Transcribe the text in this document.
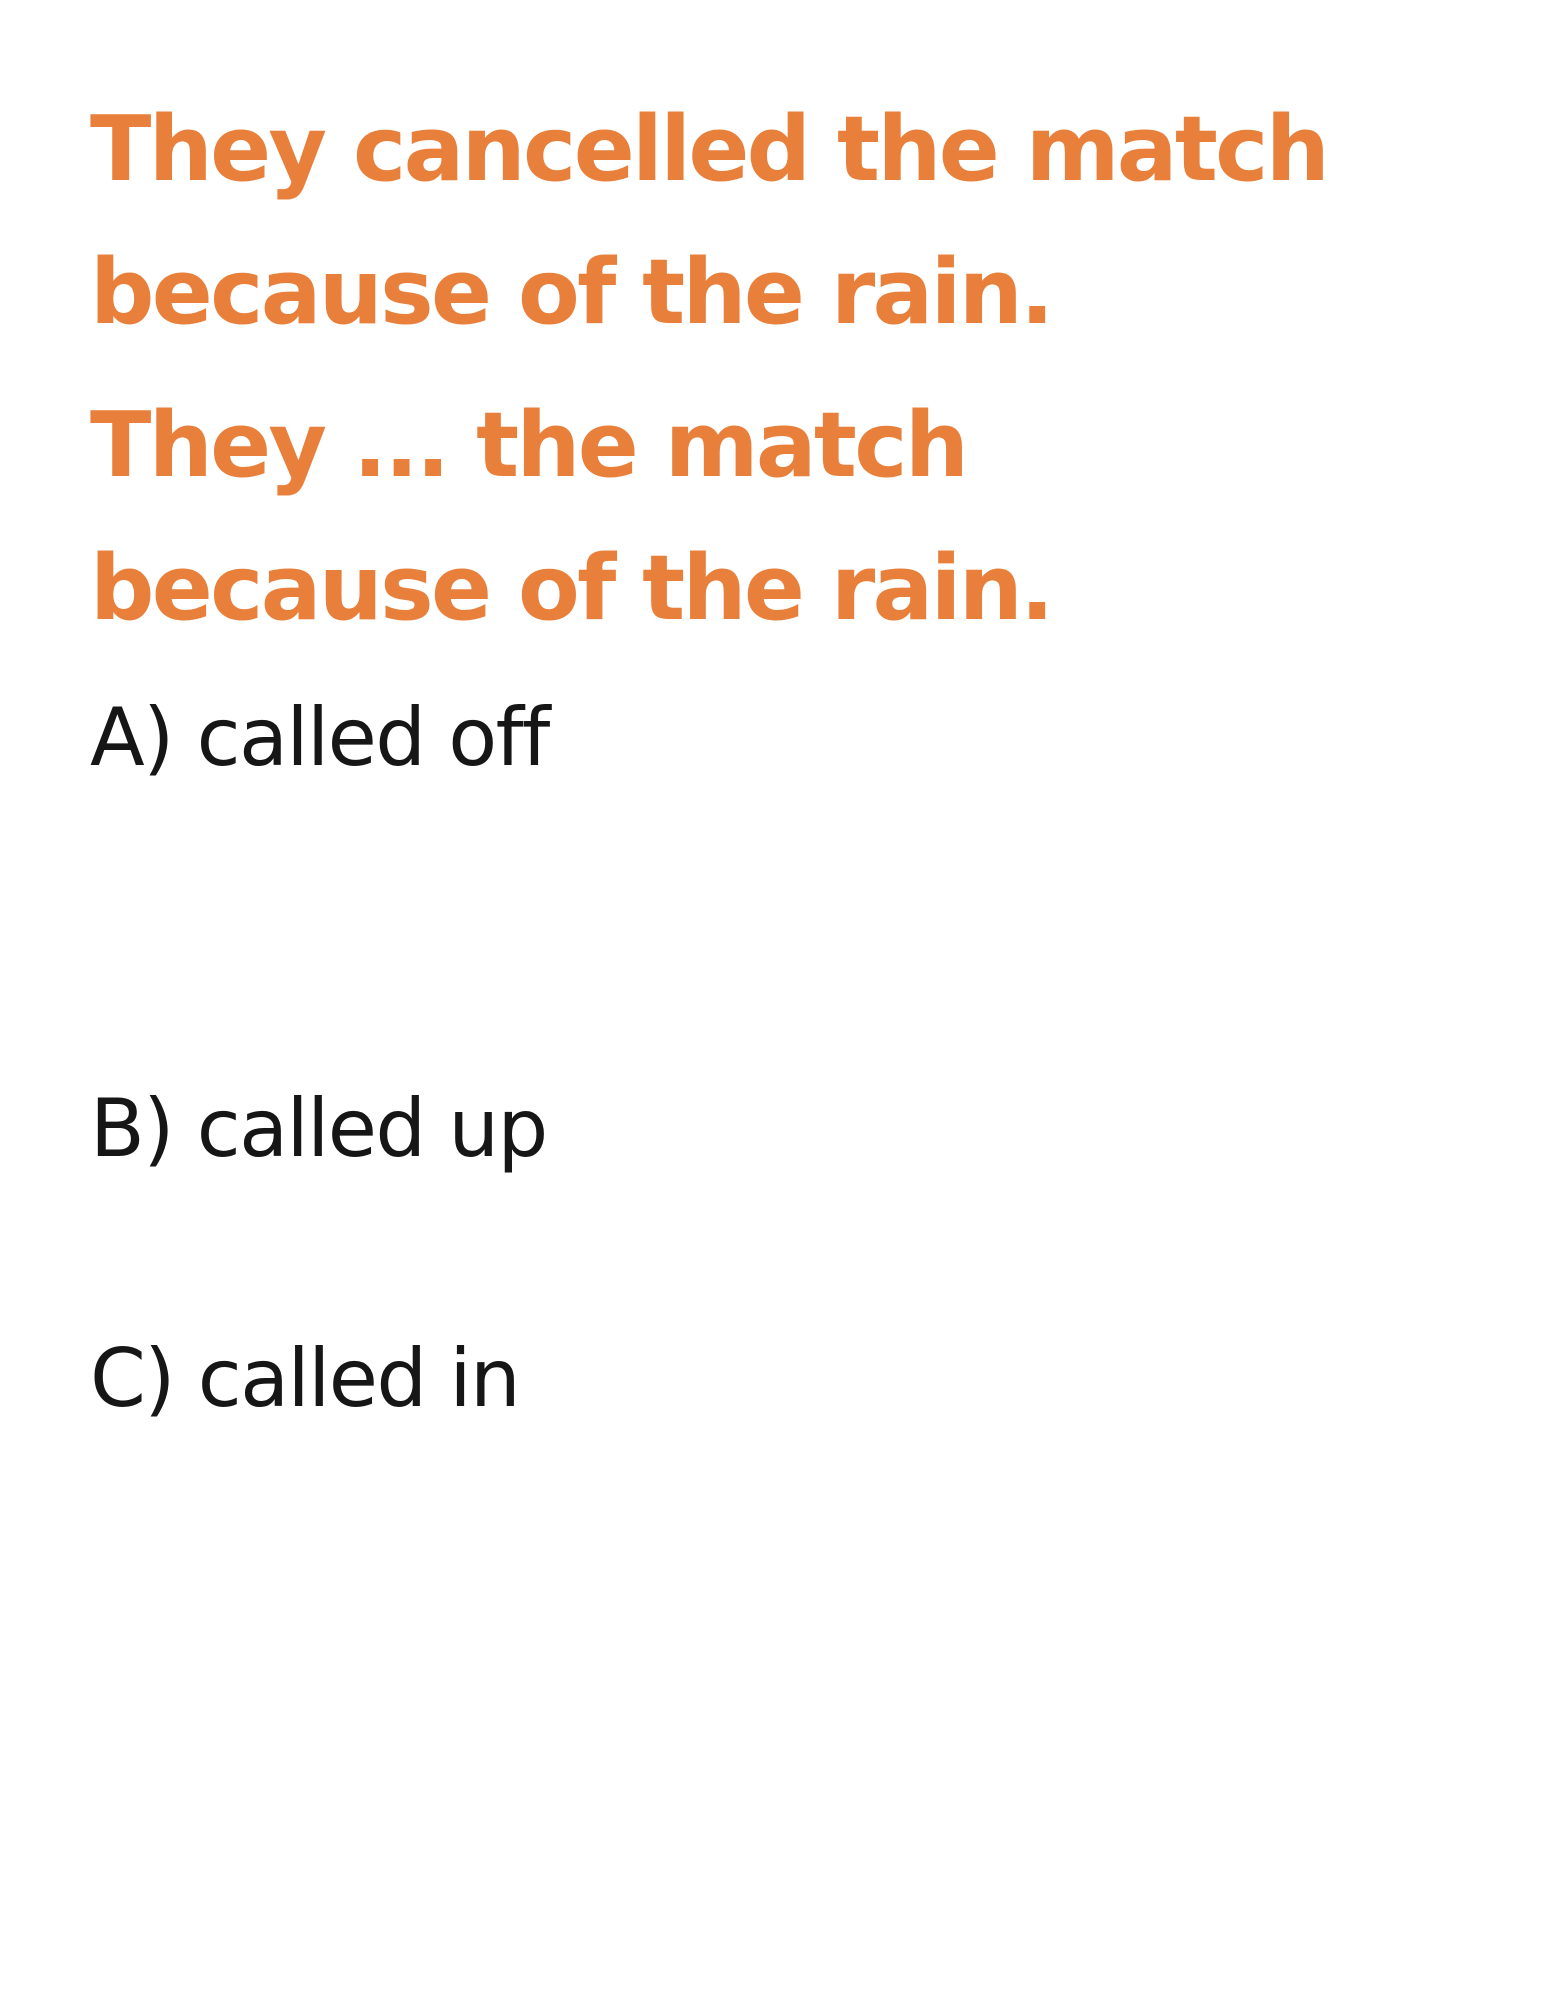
They cancelled the match
because of the rain.
They ... the match
because of the rain.
A) called off
B) called up
C) called in
